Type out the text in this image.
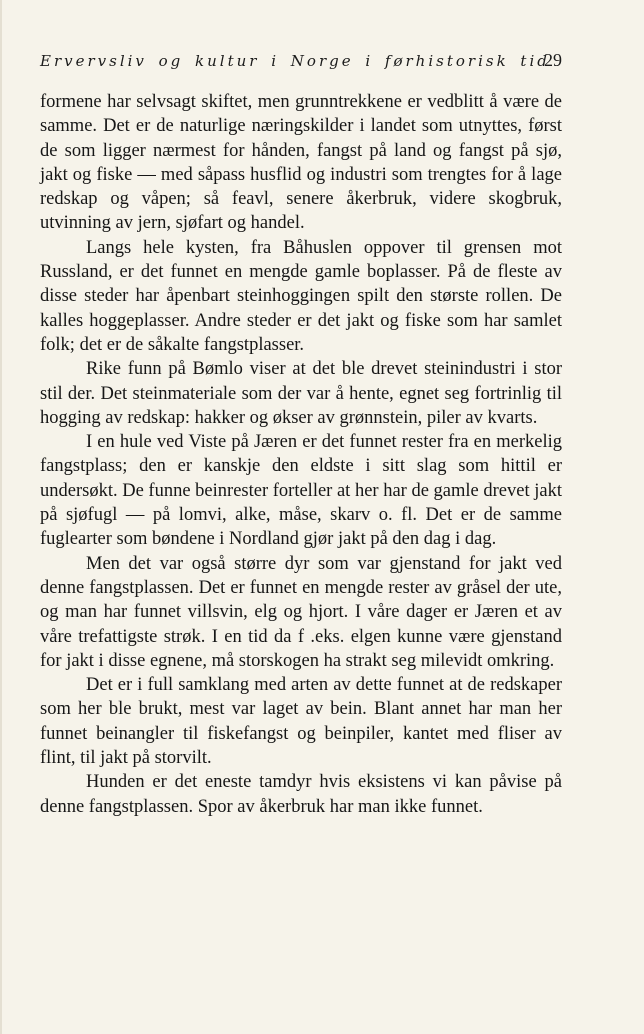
Ervervsliv og kultur i Norge i førhistorisk tid
29

formene har selvsagt skiftet, men grunntrekkene er vedblitt å være de samme. Det er de naturlige næringskilder i landet som utnyttes, først de som ligger nærmest for hånden, fangst på land og fangst på sjø, jakt og fiske — med såpass husflid og industri som trengtes for å lage redskap og våpen; så feavl, senere åkerbruk, videre skogbruk, utvinning av jern, sjøfart og handel.

Langs hele kysten, fra Båhuslen oppover til grensen mot Russland, er det funnet en mengde gamle boplasser. På de fleste av disse steder har åpenbart steinhoggingen spilt den største rollen. De kalles hoggeplasser. Andre steder er det jakt og fiske som har samlet folk; det er de såkalte fangstplasser.

Rike funn på Bømlo viser at det ble drevet steinindustri i stor stil der. Det steinmateriale som der var å hente, egnet seg fortrinlig til hogging av redskap: hakker og økser av grønnstein, piler av kvarts.

I en hule ved Viste på Jæren er det funnet rester fra en merkelig fangstplass; den er kanskje den eldste i sitt slag som hittil er undersøkt. De funne beinrester forteller at her har de gamle drevet jakt på sjøfugl — på lomvi, alke, måse, skarv o. fl. Det er de samme fuglearter som bøndene i Nordland gjør jakt på den dag i dag.

Men det var også større dyr som var gjenstand for jakt ved denne fangstplassen. Det er funnet en mengde rester av gråsel der ute, og man har funnet villsvin, elg og hjort. I våre dager er Jæren et av våre trefattigste strøk. I en tid da f .eks. elgen kunne være gjenstand for jakt i disse egnene, må storskogen ha strakt seg milevidt omkring.

Det er i full samklang med arten av dette funnet at de redskaper som her ble brukt, mest var laget av bein. Blant annet har man her funnet beinangler til fiskefangst og beinpiler, kantet med fliser av flint, til jakt på storvilt.

Hunden er det eneste tamdyr hvis eksistens vi kan påvise på denne fangstplassen. Spor av åkerbruk har man ikke funnet.
